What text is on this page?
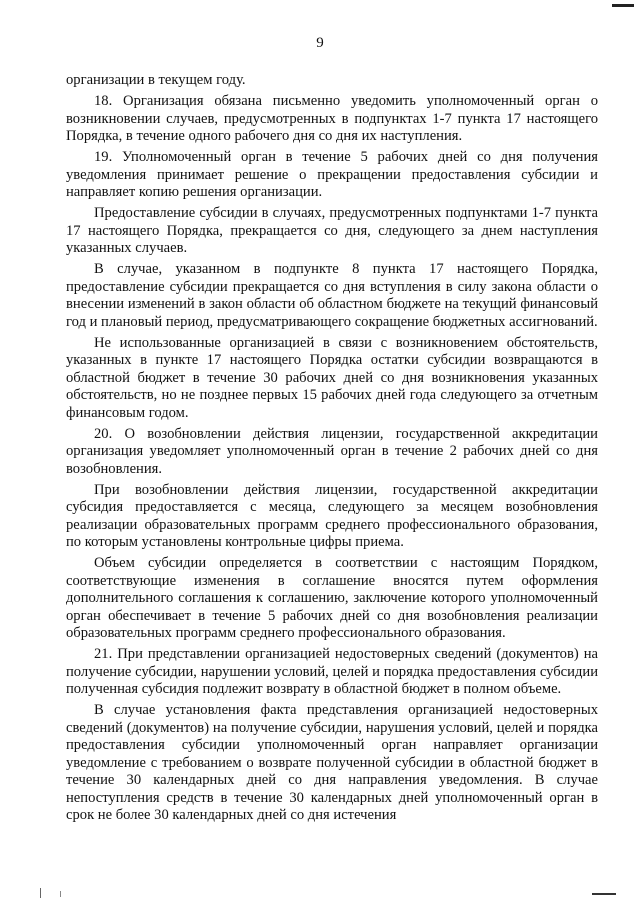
9

организации в текущем году.

18. Организация обязана письменно уведомить уполномоченный орган о возникновении случаев, предусмотренных в подпунктах 1-7 пункта 17 настоящего Порядка, в течение одного рабочего дня со дня их наступления.

19. Уполномоченный орган в течение 5 рабочих дней со дня получения уведомления принимает решение о прекращении предоставления субсидии и направляет копию решения организации.

Предоставление субсидии в случаях, предусмотренных подпунктами 1-7 пункта 17 настоящего Порядка, прекращается со дня, следующего за днем наступления указанных случаев.

В случае, указанном в подпункте 8 пункта 17 настоящего Порядка, предоставление субсидии прекращается со дня вступления в силу закона области о внесении изменений в закон области об областном бюджете на текущий финансовый год и плановый период, предусматривающего сокращение бюджетных ассигнований.

Не использованные организацией в связи с возникновением обстоятельств, указанных в пункте 17 настоящего Порядка остатки субсидии возвращаются в областной бюджет в течение 30 рабочих дней со дня возникновения указанных обстоятельств, но не позднее первых 15 рабочих дней года следующего за отчетным финансовым годом.

20. О возобновлении действия лицензии, государственной аккредитации организация уведомляет уполномоченный орган в течение 2 рабочих дней со дня возобновления.

При возобновлении действия лицензии, государственной аккредитации субсидия предоставляется с месяца, следующего за месяцем возобновления реализации образовательных программ среднего профессионального образования, по которым установлены контрольные цифры приема.

Объем субсидии определяется в соответствии с настоящим Порядком, соответствующие изменения в соглашение вносятся путем оформления дополнительного соглашения к соглашению, заключение которого уполномоченный орган обеспечивает в течение 5 рабочих дней со дня возобновления реализации образовательных программ среднего профессионального образования.

21. При представлении организацией недостоверных сведений (документов) на получение субсидии, нарушении условий, целей и порядка предоставления субсидии полученная субсидия подлежит возврату в областной бюджет в полном объеме.

В случае установления факта представления организацией недостоверных сведений (документов) на получение субсидии, нарушения условий, целей и порядка предоставления субсидии уполномоченный орган направляет организации уведомление с требованием о возврате полученной субсидии в областной бюджет в течение 30 календарных дней со дня направления уведомления. В случае непоступления средств в течение 30 календарных дней уполномоченный орган в срок не более 30 календарных дней со дня истечения
